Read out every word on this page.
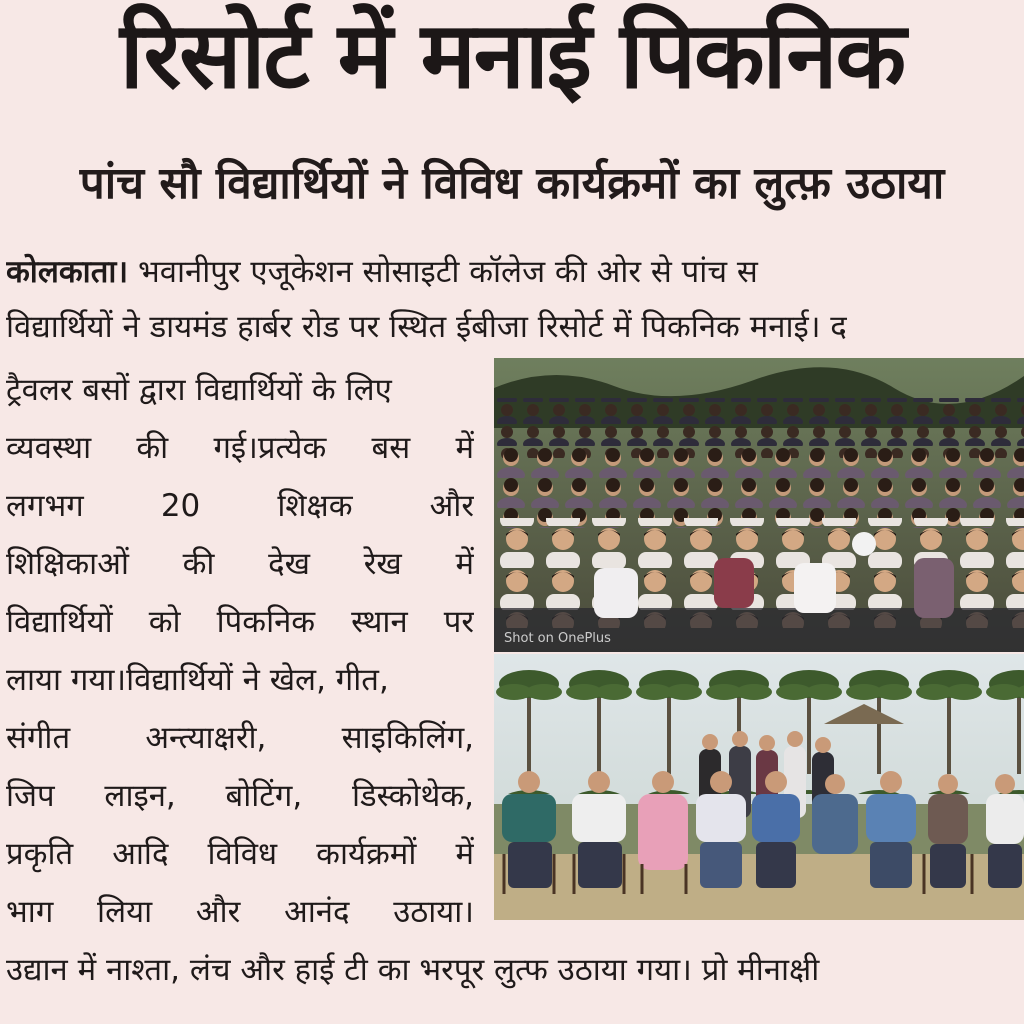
रिसोर्ट में मनाई पिकनिक
पांच सौ विद्यार्थियों ने विविध कार्यक्रमों का लुत्फ़ उठाया
कोलकाता। भवानीपुर एजूकेशन सोसाइटी कॉलेज की ओर से पांच स
विद्यार्थियों ने डायमंड हार्बर रोड पर स्थित ईबीजा रिसोर्ट में पिकनिक मनाई। द
ट्रैवलर बसों द्वारा विद्यार्थियों के लिए
व्यवस्था की गई।प्रत्येक बस में
लगभग 20 शिक्षक और
शिक्षिकाओं की देख रेख में
विद्यार्थियों को पिकनिक स्थान पर
लाया गया।विद्यार्थियों ने खेल, गीत,
संगीत अन्त्याक्षरी, साइकिलिंग,
जिप लाइन, बोटिंग, डिस्कोथेक,
प्रकृति आदि विविध कार्यक्रमों में
भाग लिया और आनंद उठाया।
उद्यान में नाश्ता, लंच और हाई टी का भरपूर लुत्फ उठाया गया। प्रो मीनाक्षी
Shot on OnePlus
